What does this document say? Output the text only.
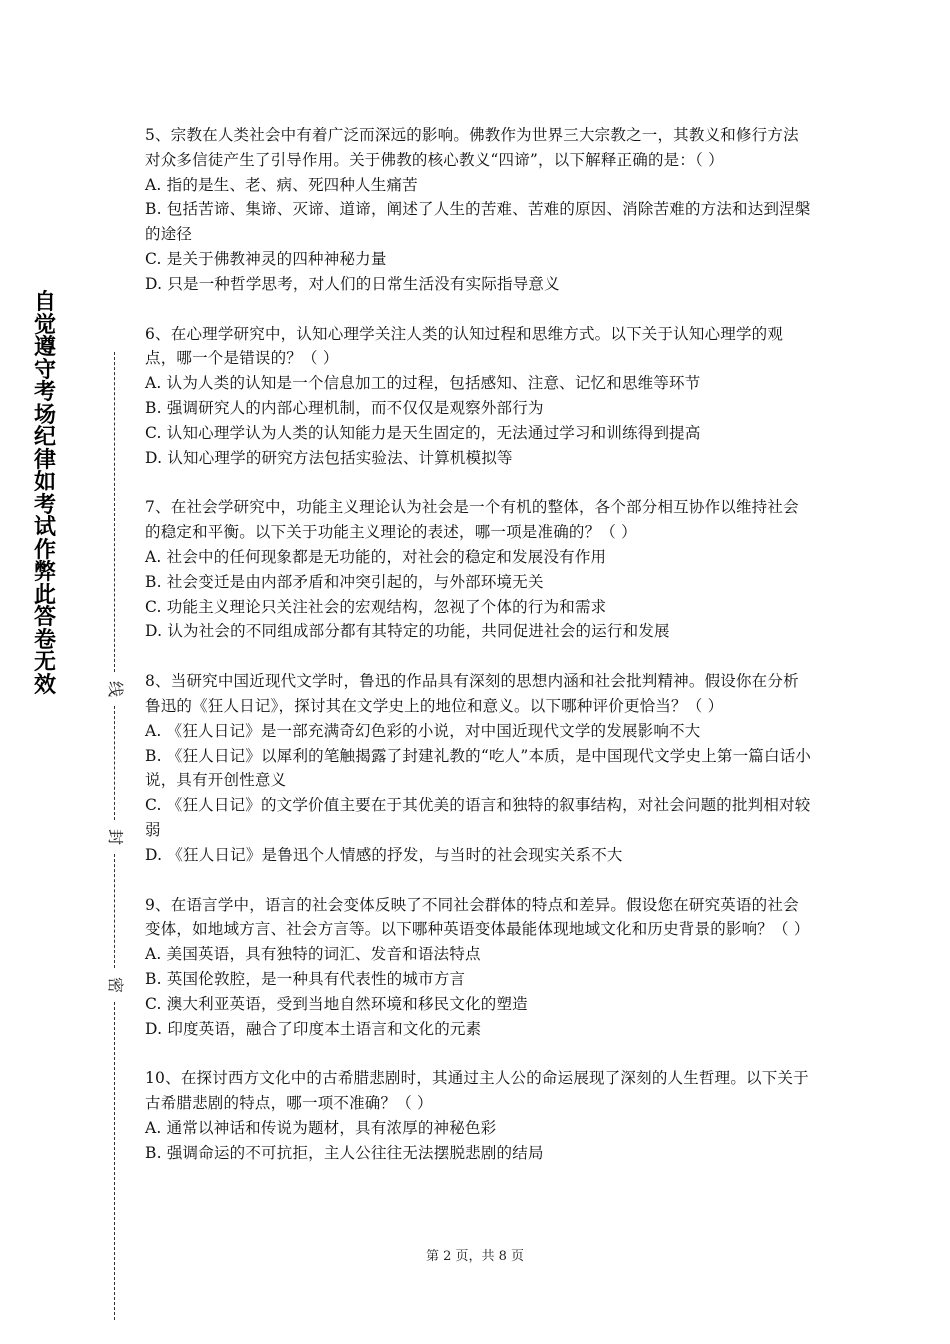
自觉遵守考场纪律如考试作弊此答卷无效	线
封
密

5、宗教在人类社会中有着广泛而深远的影响。佛教作为世界三大宗教之一，其教义和修行方法对众多信徒产生了引导作用。关于佛教的核心教义“四谛”，以下解释正确的是：（ ）

A. 指的是生、老、病、死四种人生痛苦

B. 包括苦谛、集谛、灭谛、道谛，阐述了人生的苦难、苦难的原因、消除苦难的方法和达到涅槃的途径

C. 是关于佛教神灵的四种神秘力量

D. 只是一种哲学思考，对人们的日常生活没有实际指导意义

6、在心理学研究中，认知心理学关注人类的认知过程和思维方式。以下关于认知心理学的观点，哪一个是错误的？（ ）

A. 认为人类的认知是一个信息加工的过程，包括感知、注意、记忆和思维等环节

B. 强调研究人的内部心理机制，而不仅仅是观察外部行为

C. 认知心理学认为人类的认知能力是天生固定的，无法通过学习和训练得到提高

D. 认知心理学的研究方法包括实验法、计算机模拟等

7、在社会学研究中，功能主义理论认为社会是一个有机的整体，各个部分相互协作以维持社会的稳定和平衡。以下关于功能主义理论的表述，哪一项是准确的？（ ）

A. 社会中的任何现象都是无功能的，对社会的稳定和发展没有作用

B. 社会变迁是由内部矛盾和冲突引起的，与外部环境无关

C. 功能主义理论只关注社会的宏观结构，忽视了个体的行为和需求

D. 认为社会的不同组成部分都有其特定的功能，共同促进社会的运行和发展

8、当研究中国近现代文学时，鲁迅的作品具有深刻的思想内涵和社会批判精神。假设你在分析鲁迅的《狂人日记》，探讨其在文学史上的地位和意义。以下哪种评价更恰当？（ ）

A. 《狂人日记》是一部充满奇幻色彩的小说，对中国近现代文学的发展影响不大

B. 《狂人日记》以犀利的笔触揭露了封建礼教的“吃人”本质，是中国现代文学史上第一篇白话小说，具有开创性意义

C. 《狂人日记》的文学价值主要在于其优美的语言和独特的叙事结构，对社会问题的批判相对较弱

D. 《狂人日记》是鲁迅个人情感的抒发，与当时的社会现实关系不大

9、在语言学中，语言的社会变体反映了不同社会群体的特点和差异。假设您在研究英语的社会变体，如地域方言、社会方言等。以下哪种英语变体最能体现地域文化和历史背景的影响？（ ）

A. 美国英语，具有独特的词汇、发音和语法特点

B. 英国伦敦腔，是一种具有代表性的城市方言

C. 澳大利亚英语，受到当地自然环境和移民文化的塑造

D. 印度英语，融合了印度本土语言和文化的元素

10、在探讨西方文化中的古希腊悲剧时，其通过主人公的命运展现了深刻的人生哲理。以下关于古希腊悲剧的特点，哪一项不准确？（ ）

A. 通常以神话和传说为题材，具有浓厚的神秘色彩

B. 强调命运的不可抗拒，主人公往往无法摆脱悲剧的结局

第 2 页，共 8 页
